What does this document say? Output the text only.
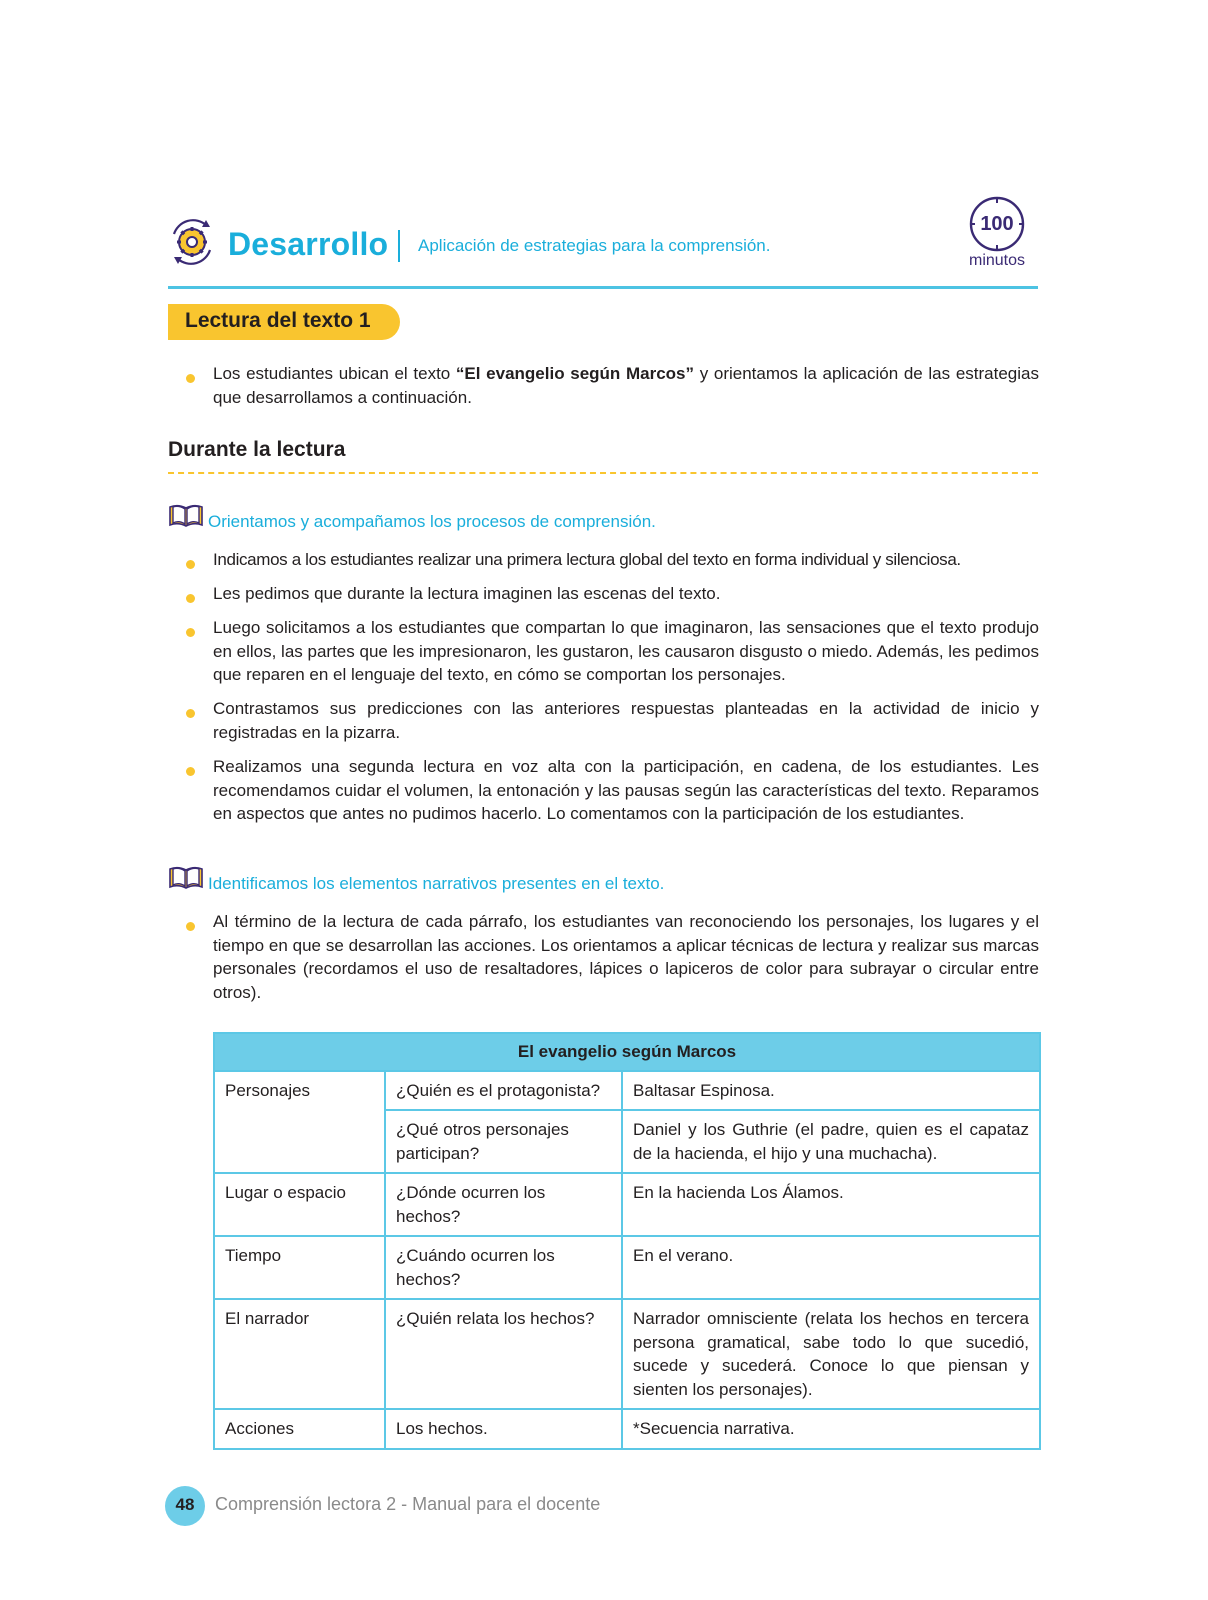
Desarrollo Aplicación de estrategias para la comprensión.
100
minutos
Lectura del texto 1
Los estudiantes ubican el texto “El evangelio según Marcos” y orientamos la aplicación de las estrategias que desarrollamos a continuación.
Durante la lectura
Orientamos y acompañamos los procesos de comprensión.
Indicamos a los estudiantes realizar una primera lectura global del texto en forma individual y silenciosa.
Les pedimos que durante la lectura imaginen las escenas del texto.
Luego solicitamos a los estudiantes que compartan lo que imaginaron, las sensaciones que el texto produjo en ellos, las partes que les impresionaron, les gustaron, les causaron disgusto o miedo. Además, les pedimos que reparen en el lenguaje del texto, en cómo se comportan los personajes.
Contrastamos sus predicciones con las anteriores respuestas planteadas en la actividad de inicio y registradas en la pizarra.
Realizamos una segunda lectura en voz alta con la participación, en cadena, de los estudiantes. Les recomendamos cuidar el volumen, la entonación y las pausas según las características del texto. Reparamos en aspectos que antes no pudimos hacerlo. Lo comentamos con la participación de los estudiantes.
Identificamos los elementos narrativos presentes en el texto.
Al término de la lectura de cada párrafo, los estudiantes van reconociendo los personajes, los lugares y el tiempo en que se desarrollan las acciones. Los orientamos a aplicar técnicas de lectura y realizar sus marcas personales (recordamos el uso de resaltadores, lápices o lapiceros de color para subrayar o circular entre otros).
El evangelio según Marcos		
Personajes	¿Quién es el protagonista?	Baltasar Espinosa.
	¿Qué otros personajes participan?	Daniel y los Guthrie (el padre, quien es el capataz de la hacienda, el hijo y una muchacha).
Lugar o espacio	¿Dónde ocurren los hechos?	En la hacienda Los Álamos.
Tiempo	¿Cuándo ocurren los hechos?	En el verano.
El narrador	¿Quién relata los hechos?	Narrador omnisciente (relata los hechos en tercera persona gramatical, sabe todo lo que sucedió, sucede y sucederá. Conoce lo que piensan y sienten los personajes).
Acciones	Los hechos.	*Secuencia narrativa.
48	Comprensión lectora 2 - Manual para el docente
